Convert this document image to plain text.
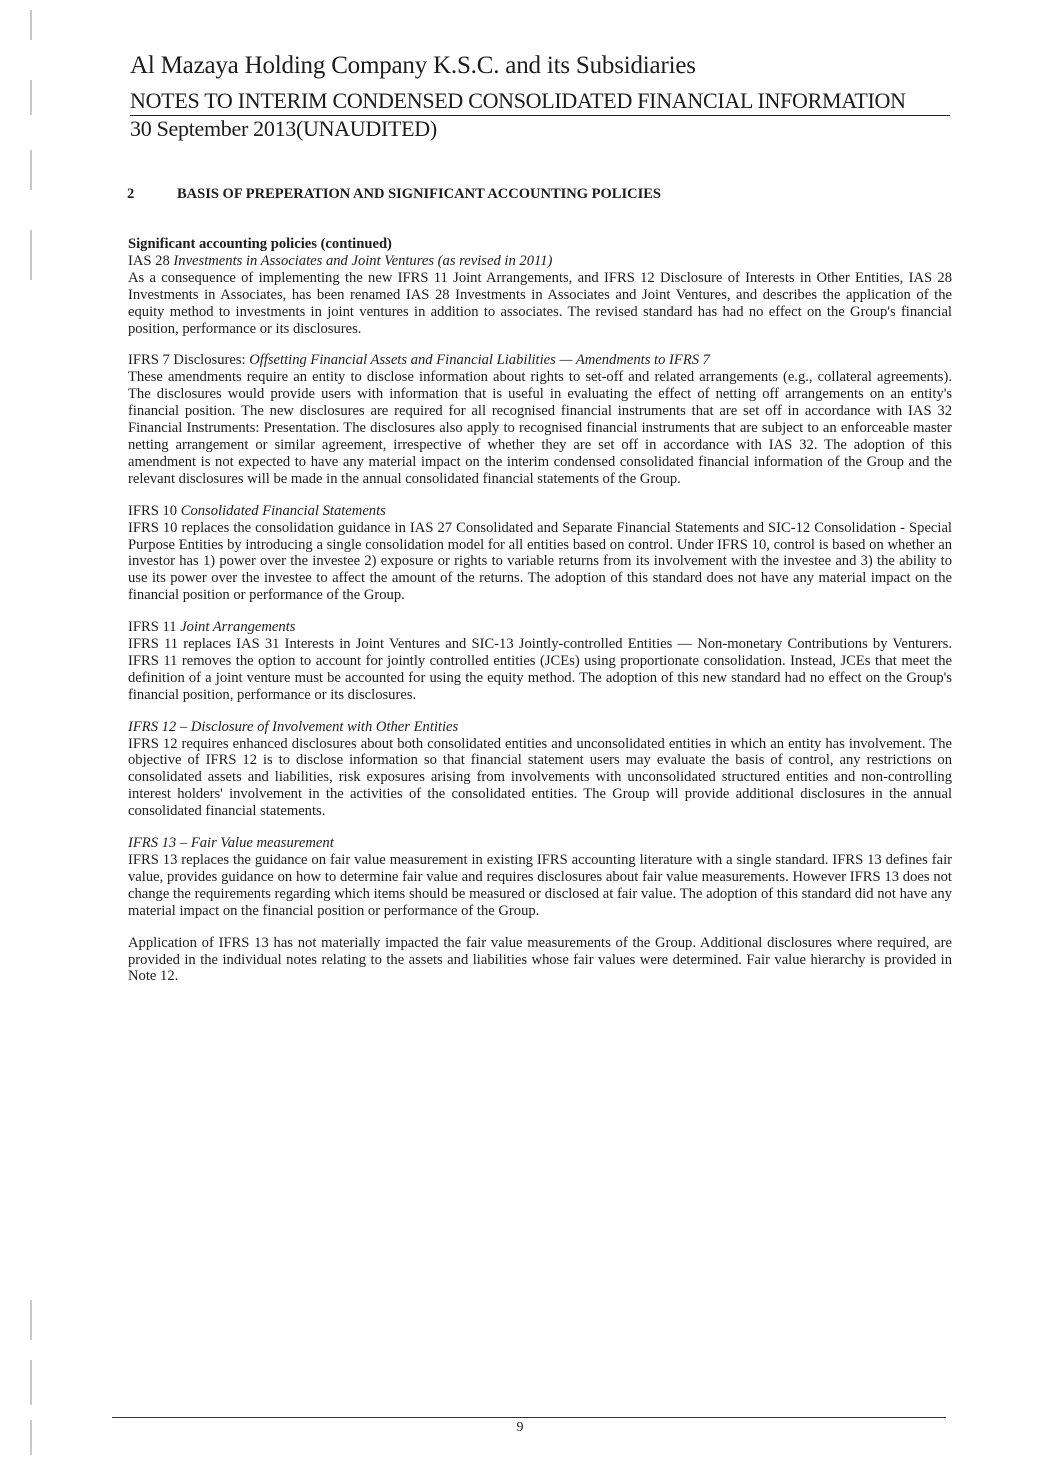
Al Mazaya Holding Company K.S.C. and its Subsidiaries
NOTES TO INTERIM CONDENSED CONSOLIDATED FINANCIAL INFORMATION
30 September 2013(UNAUDITED)
2	BASIS OF PREPERATION AND SIGNIFICANT ACCOUNTING POLICIES

Significant accounting policies (continued)

IAS 28 Investments in Associates and Joint Ventures (as revised in 2011)

As a consequence of implementing the new IFRS 11 Joint Arrangements, and IFRS 12 Disclosure of Interests in Other Entities, IAS 28 Investments in Associates, has been renamed IAS 28 Investments in Associates and Joint Ventures, and describes the application of the equity method to investments in joint ventures in addition to associates. The revised standard has had no effect on the Group's financial position, performance or its disclosures.

IFRS 7 Disclosures: Offsetting Financial Assets and Financial Liabilities — Amendments to IFRS 7

These amendments require an entity to disclose information about rights to set-off and related arrangements (e.g., collateral agreements). The disclosures would provide users with information that is useful in evaluating the effect of netting off arrangements on an entity's financial position. The new disclosures are required for all recognised financial instruments that are set off in accordance with IAS 32 Financial Instruments: Presentation. The disclosures also apply to recognised financial instruments that are subject to an enforceable master netting arrangement or similar agreement, irrespective of whether they are set off in accordance with IAS 32. The adoption of this amendment is not expected to have any material impact on the interim condensed consolidated financial information of the Group and the relevant disclosures will be made in the annual consolidated financial statements of the Group.

IFRS 10 Consolidated Financial Statements

IFRS 10 replaces the consolidation guidance in IAS 27 Consolidated and Separate Financial Statements and SIC-12 Consolidation - Special Purpose Entities by introducing a single consolidation model for all entities based on control. Under IFRS 10, control is based on whether an investor has 1) power over the investee 2) exposure or rights to variable returns from its involvement with the investee and 3) the ability to use its power over the investee to affect the amount of the returns. The adoption of this standard does not have any material impact on the financial position or performance of the Group.

IFRS 11 Joint Arrangements

IFRS 11 replaces IAS 31 Interests in Joint Ventures and SIC-13 Jointly-controlled Entities — Non-monetary Contributions by Venturers. IFRS 11 removes the option to account for jointly controlled entities (JCEs) using proportionate consolidation. Instead, JCEs that meet the definition of a joint venture must be accounted for using the equity method. The adoption of this new standard had no effect on the Group's financial position, performance or its disclosures.

IFRS 12 – Disclosure of Involvement with Other Entities

IFRS 12 requires enhanced disclosures about both consolidated entities and unconsolidated entities in which an entity has involvement. The objective of IFRS 12 is to disclose information so that financial statement users may evaluate the basis of control, any restrictions on consolidated assets and liabilities, risk exposures arising from involvements with unconsolidated structured entities and non-controlling interest holders' involvement in the activities of the consolidated entities. The Group will provide additional disclosures in the annual consolidated financial statements.

IFRS 13 – Fair Value measurement

IFRS 13 replaces the guidance on fair value measurement in existing IFRS accounting literature with a single standard. IFRS 13 defines fair value, provides guidance on how to determine fair value and requires disclosures about fair value measurements. However IFRS 13 does not change the requirements regarding which items should be measured or disclosed at fair value. The adoption of this standard did not have any material impact on the financial position or performance of the Group.

Application of IFRS 13 has not materially impacted the fair value measurements of the Group. Additional disclosures where required, are provided in the individual notes relating to the assets and liabilities whose fair values were determined. Fair value hierarchy is provided in Note 12.

9
